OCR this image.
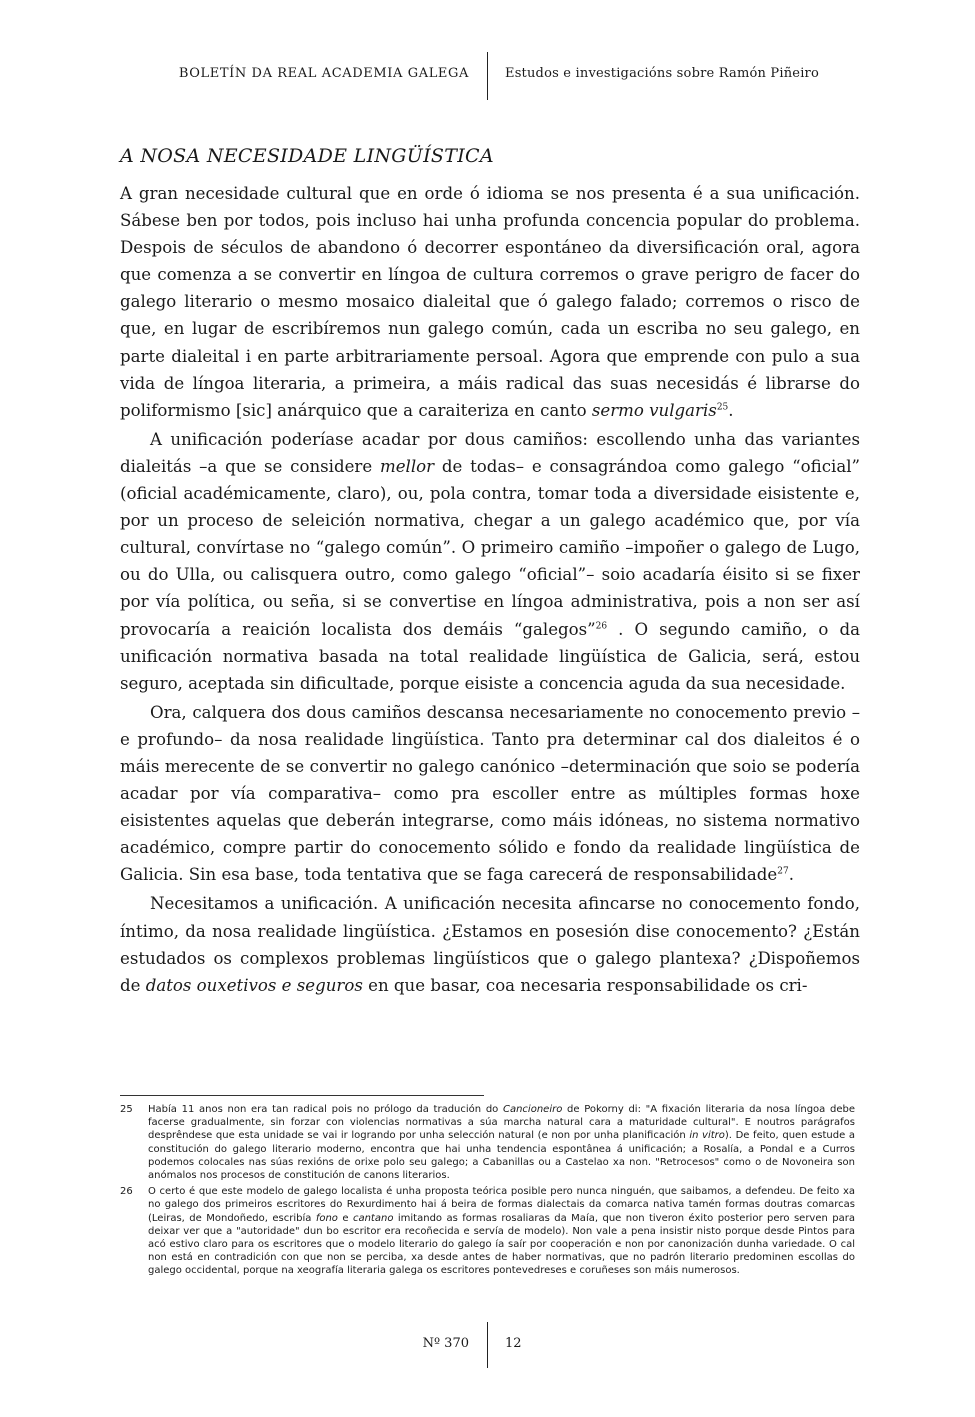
BOLETÍN DA REAL ACADEMIA GALEGA	Estudos e investigacións sobre Ramón Piñeiro
A NOSA NECESIDADE LINGÜÍSTICA

A gran necesidade cultural que en orde ó idioma se nos presenta é a sua unificación. Sábese ben por todos, pois incluso hai unha profunda concencia popular do problema. Despois de séculos de abandono ó decorrer espontáneo da diversificación oral, agora que comenza a se convertir en língoa de cultura corremos o grave perigro de facer do galego literario o mesmo mosaico dialeital que ó galego falado; corremos o risco de que, en lugar de escribíremos nun galego común, cada un escriba no seu galego, en parte dialeital i en parte arbitrariamente persoal. Agora que emprende con pulo a sua vida de língoa literaria, a primeira, a máis radical das suas necesidás é librarse do poliformismo [sic] anárquico que a caraiteriza en canto sermo vulgaris$^{25}$.

A unificación poderíase acadar por dous camiños: escollendo unha das variantes dialeitás –a que se considere mellor de todas– e consagrándoa como galego “oficial” (oficial académicamente, claro), ou, pola contra, tomar toda a diversidade eisistente e, por un proceso de seleición normativa, chegar a un galego académico que, por vía cultural, convírtase no “galego común”. O primeiro camiño –impoñer o galego de Lugo, ou do Ulla, ou calisquera outro, como galego “oficial”– soio acadaría éisito si se fixer por vía política, ou seña, si se convertise en língoa administrativa, pois a non ser así provocaría a reaición localista dos demáis “galegos”$^{26}$ . O segundo camiño, o da unificación normativa basada na total realidade lingüística de Galicia, será, estou seguro, aceptada sin dificultade, porque eisiste a concencia aguda da sua necesidade.

Ora, calquera dos dous camiños descansa necesariamente no conocemento previo –e profundo– da nosa realidade lingüística. Tanto pra determinar cal dos dialeitos é o máis merecente de se convertir no galego canónico –determinación que soio se podería acadar por vía comparativa– como pra escoller entre as múltiples formas hoxe eisistentes aquelas que deberán integrarse, como máis idóneas, no sistema normativo académico, compre partir do conocemento sólido e fondo da realidade lingüística de Galicia. Sin esa base, toda tentativa que se faga carecerá de responsabilidade$^{27}$.

Necesitamos a unificación. A unificación necesita afincarse no conocemento fondo, íntimo, da nosa realidade lingüística. ¿Estamos en posesión dise conocemento? ¿Están estudados os complexos problemas lingüísticos que o galego plantexa? ¿Dispoñemos de datos ouxetivos e seguros en que basar, coa necesaria responsabilidade os cri-

25 Había 11 anos non era tan radical pois no prólogo da tradución do Cancioneiro de Pokorny di: "A fixación literaria da nosa língoa debe facerse gradualmente, sin forzar con violencias normativas a súa marcha natural cara a maturidade cultural". E noutros parágrafos desprêndese que esta unidade se vai ir logrando por unha selección natural (e non por unha planificación in vitro). De feito, quen estude a constitución do galego literario moderno, encontra que hai unha tendencia espontânea á unificación; a Rosalía, a Pondal e a Curros podemos colocales nas súas rexións de orixe polo seu galego; a Cabanillas ou a Castelao xa non. "Retrocesos" como o de Novoneira son anómalos nos procesos de constitución de canons literarios.
26 O certo é que este modelo de galego localista é unha proposta teórica posible pero nunca ninguén, que saibamos, a defendeu. De feito xa no galego dos primeiros escritores do Rexurdimento hai á beira de formas dialectais da comarca nativa tamén formas doutras comarcas (Leiras, de Mondoñedo, escribía fono e cantano imitando as formas rosaliaras da Maía, que non tiveron éxito posterior pero serven para deixar ver que a "autoridade" dun bo escritor era recoñecida e servía de modelo). Non vale a pena insistir nisto porque desde Pintos para acó estivo claro para os escritores que o modelo literario do galego ía saír por cooperación e non por canonización dunha variedade. O cal non está en contradición con que non se perciba, xa desde antes de haber normativas, que no padrón literario predominen escollas do galego occidental, porque na xeografía literaria galega os escritores pontevedreses e coruñeses son máis numerosos.
Nº 370	12
